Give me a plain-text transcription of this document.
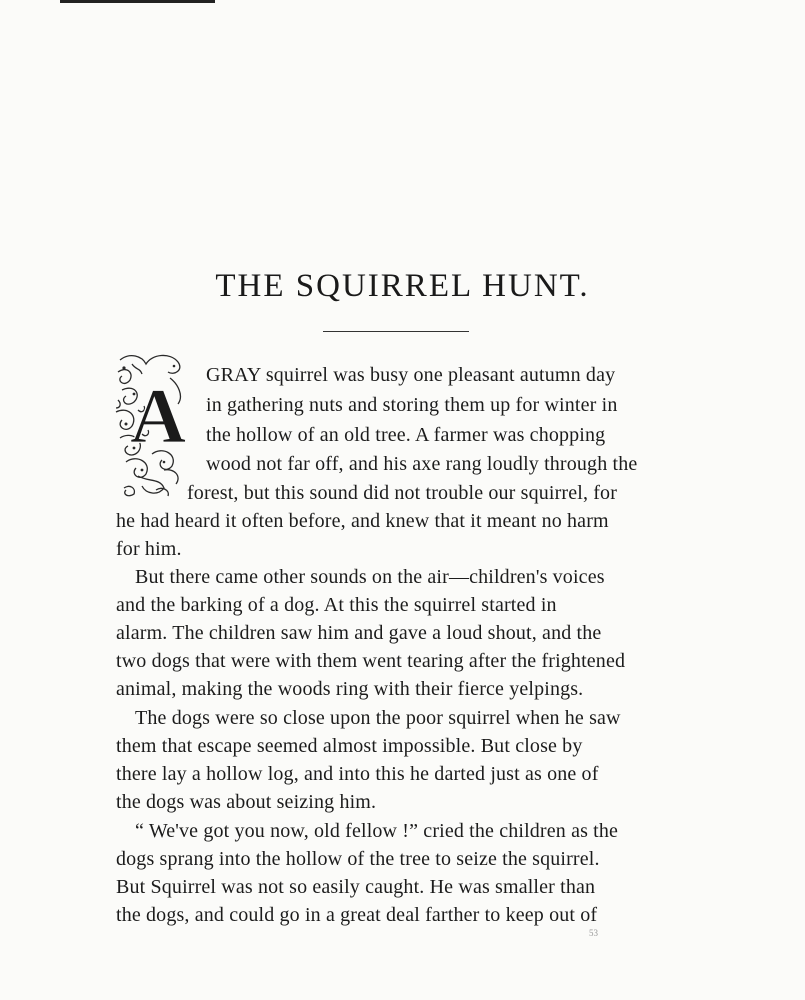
THE SQUIRREL HUNT.
A GRAY squirrel was busy one pleasant autumn day
in gathering nuts and storing them up for winter in
the hollow of an old tree. A farmer was chopping
wood not far off, and his axe rang loudly through the
forest, but this sound did not trouble our squirrel, for
he had heard it often before, and knew that it meant no harm
for him.
But there came other sounds on the air—children's voices
and the barking of a dog. At this the squirrel started in
alarm. The children saw him and gave a loud shout, and the
two dogs that were with them went tearing after the frightened
animal, making the woods ring with their fierce yelpings.
The dogs were so close upon the poor squirrel when he saw
them that escape seemed almost impossible. But close by
there lay a hollow log, and into this he darted just as one of
the dogs was about seizing him.
“ We've got you now, old fellow !” cried the children as the
dogs sprang into the hollow of the tree to seize the squirrel.
But Squirrel was not so easily caught. He was smaller than
the dogs, and could go in a great deal farther to keep out of
53
